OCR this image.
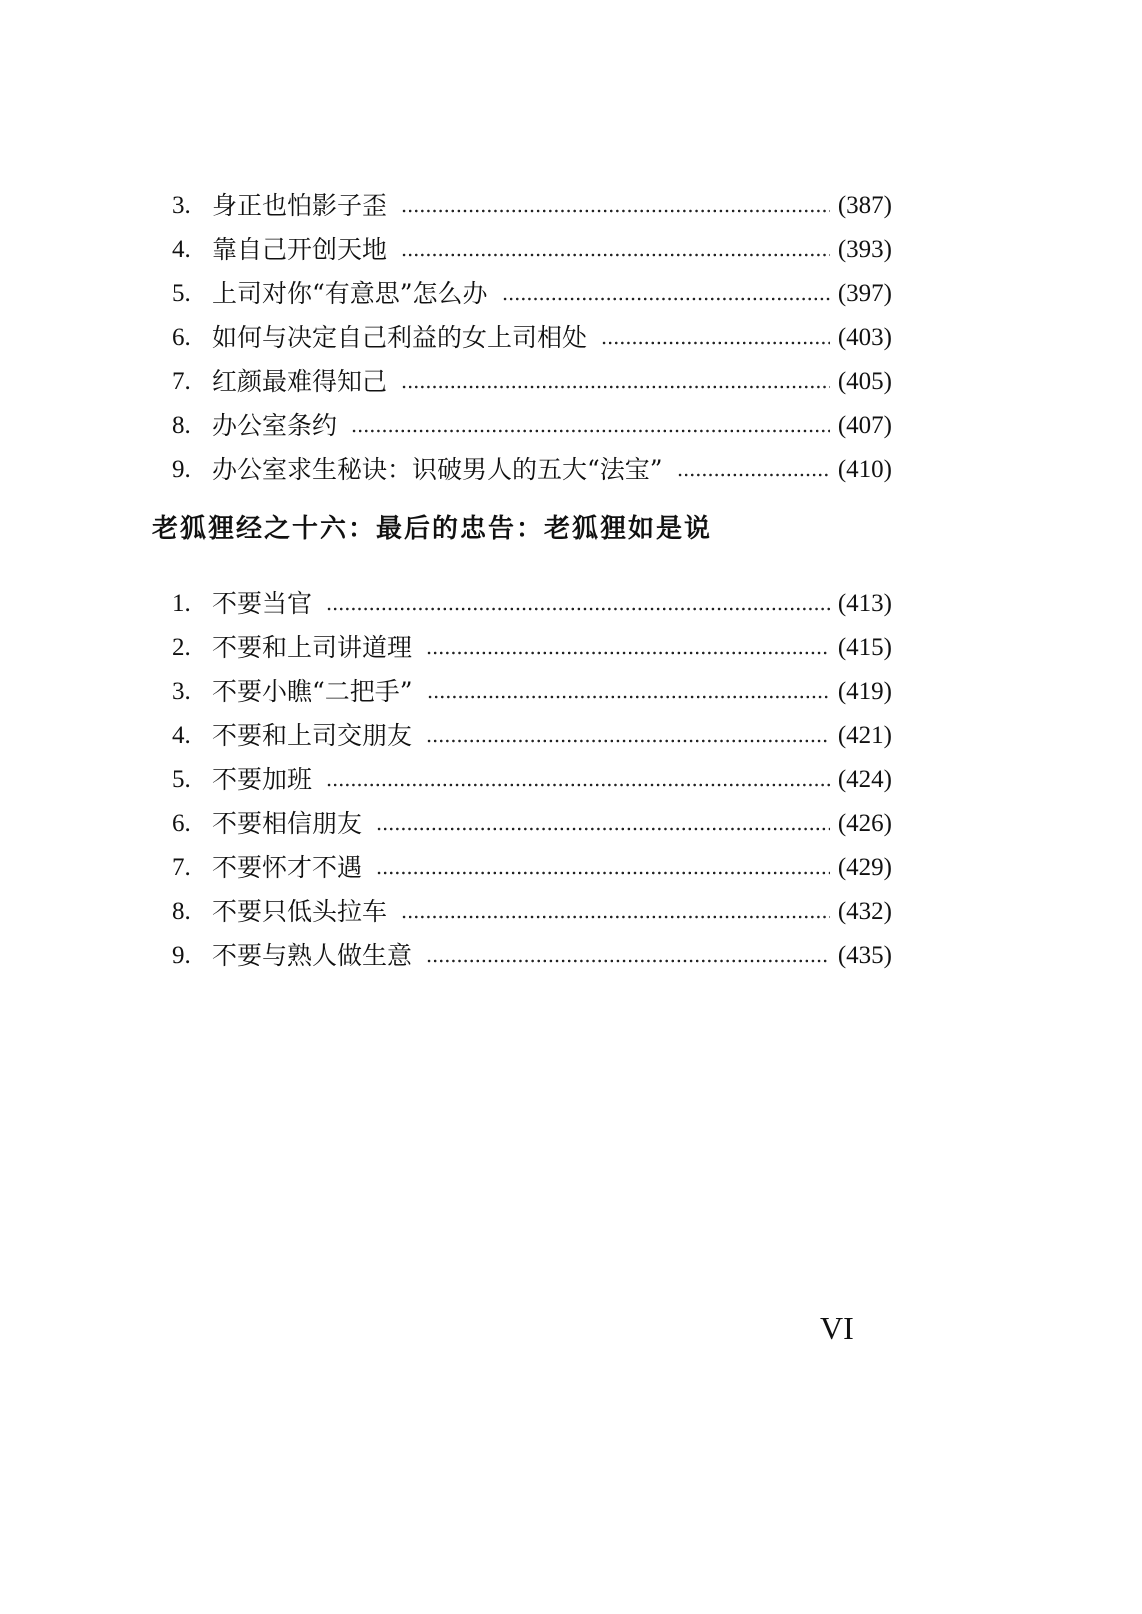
3. 身正也怕影子歪	(387)
4. 靠自己开创天地	(393)
5. 上司对你“有意思”怎么办	(397)
6. 如何与决定自己利益的女上司相处	(403)
7. 红颜最难得知己	(405)
8. 办公室条约	(407)
9. 办公室求生秘诀：识破男人的五大“法宝”	(410)
老狐狸经之十六：最后的忠告：老狐狸如是说
1. 不要当官	(413)
2. 不要和上司讲道理	(415)
3. 不要小瞧“二把手”	(419)
4. 不要和上司交朋友	(421)
5. 不要加班	(424)
6. 不要相信朋友	(426)
7. 不要怀才不遇	(429)
8. 不要只低头拉车	(432)
9. 不要与熟人做生意	(435)
VI
